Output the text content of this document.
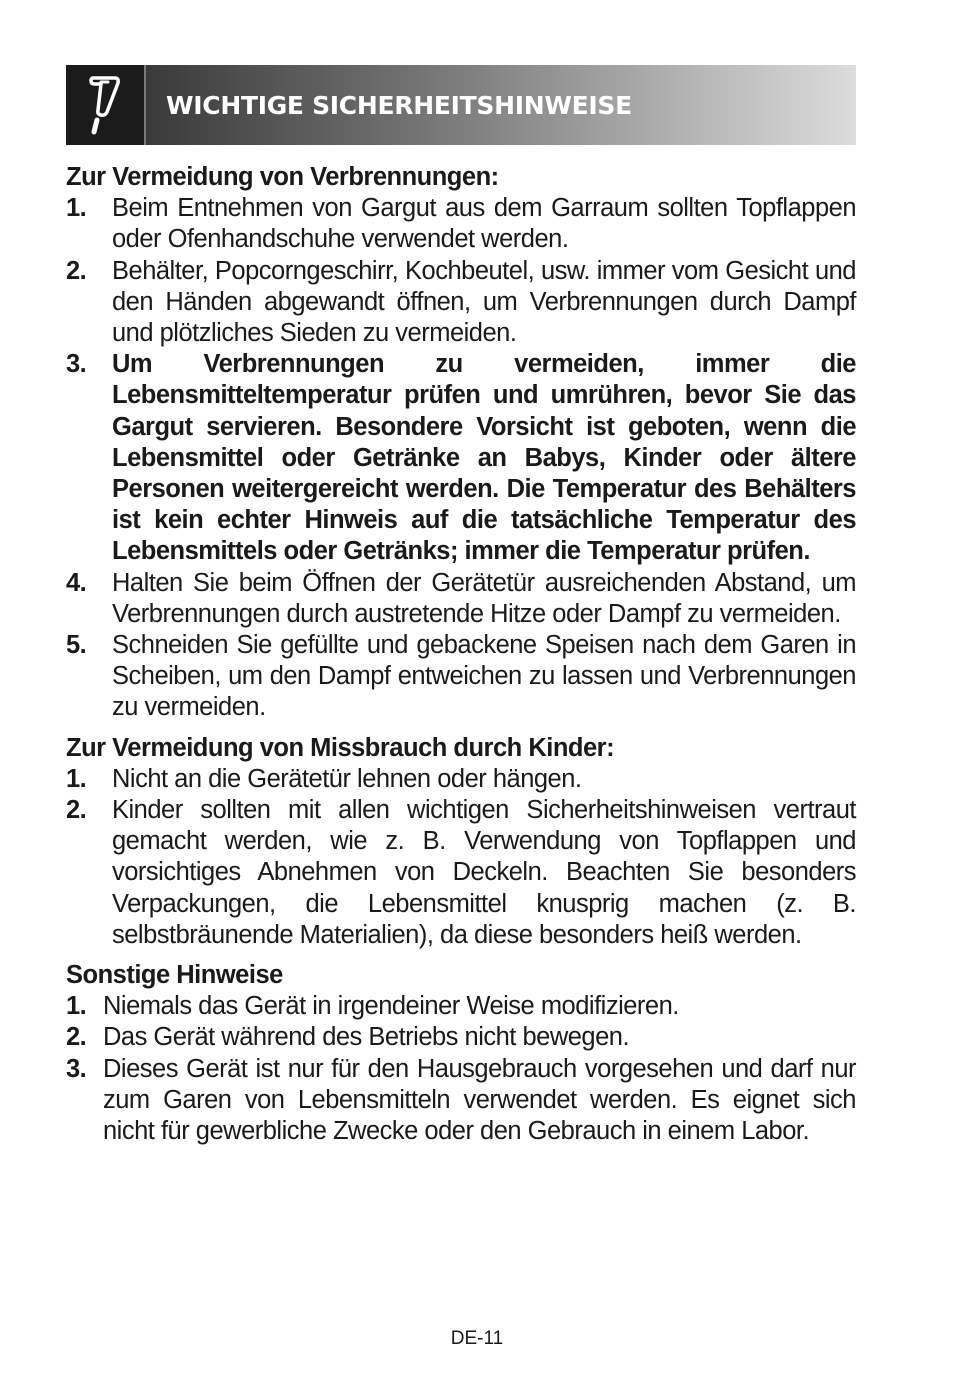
WICHTIGE SICHERHEITSHINWEISE

Zur Vermeidung von Verbrennungen:

1.	Beim Entnehmen von Gargut aus dem Garraum sollten Topflappen oder Ofenhandschuhe verwendet werden.
2.	Behälter, Popcorngeschirr, Kochbeutel, usw. immer vom Gesicht und den Händen abgewandt öffnen, um Verbrennungen durch Dampf und plötzliches Sieden zu vermeiden.
3.	Um Verbrennungen zu vermeiden, immer die Lebensmitteltemperatur prüfen und umrühren, bevor Sie das Gargut servieren. Besondere Vorsicht ist geboten, wenn die Lebensmittel oder Getränke an Babys, Kinder oder ältere Personen weitergereicht werden. Die Temperatur des Behälters ist kein echter Hinweis auf die tatsächliche Temperatur des Lebensmittels oder Getränks; immer die Temperatur prüfen.
4.	Halten Sie beim Öffnen der Gerätetür ausreichenden Abstand, um Verbrennungen durch austretende Hitze oder Dampf zu vermeiden.
5.	Schneiden Sie gefüllte und gebackene Speisen nach dem Garen in Scheiben, um den Dampf entweichen zu lassen und Verbrennungen zu vermeiden.

Zur Vermeidung von Missbrauch durch Kinder:

1.	Nicht an die Gerätetür lehnen oder hängen.
2.	Kinder sollten mit allen wichtigen Sicherheitshinweisen vertraut gemacht werden, wie z. B. Verwendung von Topflappen und vorsichtiges Abnehmen von Deckeln. Beachten Sie besonders Verpackungen, die Lebensmittel knusprig machen (z. B. selbstbräunende Materialien), da diese besonders heiß werden.

Sonstige Hinweise

1. Niemals das Gerät in irgendeiner Weise modifizieren.
2. Das Gerät während des Betriebs nicht bewegen.
3. Dieses Gerät ist nur für den Hausgebrauch vorgesehen und darf nur zum Garen von Lebensmitteln verwendet werden. Es eignet sich nicht für gewerbliche Zwecke oder den Gebrauch in einem Labor.
DE-11
